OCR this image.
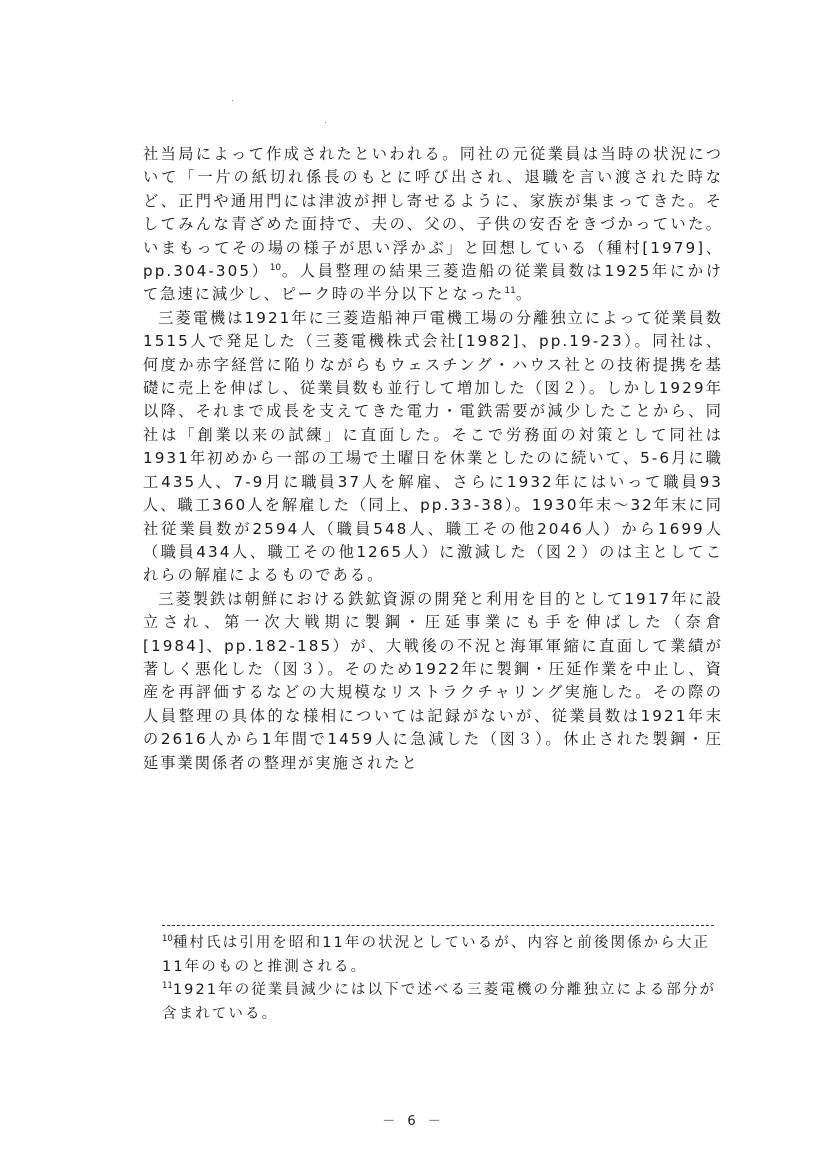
社当局によって作成されたといわれる。同社の元従業員は当時の状況について「一片の紙切れ係長のもとに呼び出され、退職を言い渡された時など、正門や通用門には津波が押し寄せるように、家族が集まってきた。そしてみんな青ざめた面持で、夫の、父の、子供の安否をきづかっていた。いまもってその場の様子が思い浮かぶ」と回想している（種村[1979]、pp.304-305）$^{10}$。人員整理の結果三菱造船の従業員数は1925年にかけて急速に減少し、ピーク時の半分以下となった$^{11}$。

三菱電機は1921年に三菱造船神戸電機工場の分離独立によって従業員数1515人で発足した（三菱電機株式会社[1982]、pp.19-23）。同社は、何度か赤字経営に陥りながらもウェスチング・ハウス社との技術提携を基礎に売上を伸ばし、従業員数も並行して増加した（図２）。しかし1929年以降、それまで成長を支えてきた電力・電鉄需要が減少したことから、同社は「創業以来の試練」に直面した。そこで労務面の対策として同社は1931年初めから一部の工場で土曜日を休業としたのに続いて、5-6月に職工435人、7-9月に職員37人を解雇、さらに1932年にはいって職員93人、職工360人を解雇した（同上、pp.33-38）。1930年末～32年末に同社従業員数が2594人（職員548人、職工その他2046人）から1699人（職員434人、職工その他1265人）に激減した（図２）のは主としてこれらの解雇によるものである。

三菱製鉄は朝鮮における鉄鉱資源の開発と利用を目的として1917年に設立され、第一次大戦期に製鋼・圧延事業にも手を伸ばした（奈倉[1984]、pp.182-185）が、大戦後の不況と海軍軍縮に直面して業績が著しく悪化した（図３）。そのため1922年に製鋼・圧延作業を中止し、資産を再評価するなどの大規模なリストラクチャリング実施した。その際の人員整理の具体的な様相については記録がないが、従業員数は1921年末の2616人から1年間で1459人に急減した（図３）。休止された製鋼・圧延事業関係者の整理が実施されたと

$^{10}$種村氏は引用を昭和11年の状況としているが、内容と前後関係から大正11年のものと推測される。

$^{11}$1921年の従業員減少には以下で述べる三菱電機の分離独立による部分が含まれている。

－ 6 －
